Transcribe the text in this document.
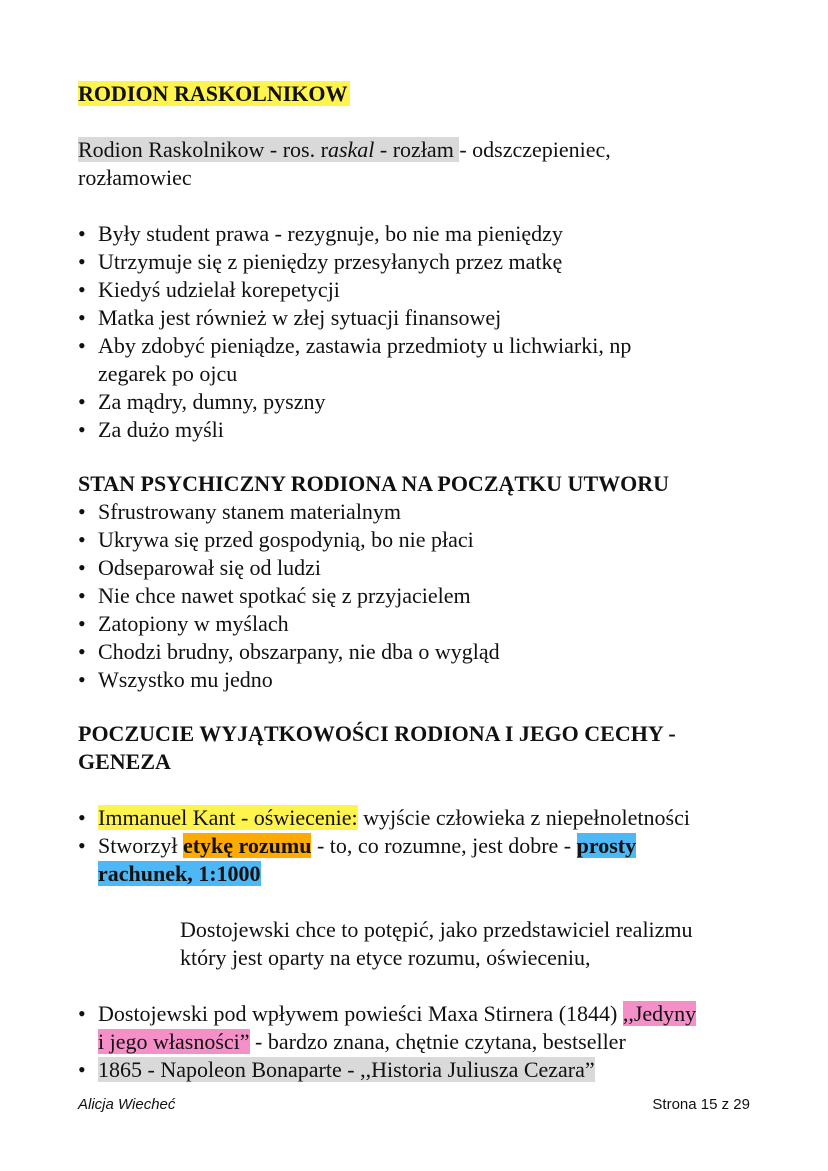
RODION RASKOLNIKOW
Rodion Raskolnikow - ros. raskal - rozłam - odszczepieniec,
rozłamowiec
• Były student prawa - rezygnuje, bo nie ma pieniędzy
• Utrzymuje się z pieniędzy przesyłanych przez matkę
• Kiedyś udzielał korepetycji
• Matka jest również w złej sytuacji finansowej
• Aby zdobyć pieniądze, zastawia przedmioty u lichwiarki, np
zegarek po ojcu
• Za mądry, dumny, pyszny
• Za dużo myśli
STAN PSYCHICZNY RODIONA NA POCZĄTKU UTWORU
• Sfrustrowany stanem materialnym
• Ukrywa się przed gospodynią, bo nie płaci
• Odseparował się od ludzi
• Nie chce nawet spotkać się z przyjacielem
• Zatopiony w myślach
• Chodzi brudny, obszarpany, nie dba o wygląd
• Wszystko mu jedno
POCZUCIE WYJĄTKOWOŚCI RODIONA I JEGO CECHY -
GENEZA
• Immanuel Kant - oświecenie: wyjście człowieka z niepełnoletności
• Stworzył etykę rozumu - to, co rozumne, jest dobre - prosty
rachunek, 1:1000
Dostojewski chce to potępić, jako przedstawiciel realizmu
który jest oparty na etyce rozumu, oświeceniu,
• Dostojewski pod wpływem powieści Maxa Stirnera (1844) ,,Jedyny
i jego własności” - bardzo znana, chętnie czytana, bestseller
• 1865 - Napoleon Bonaparte - ,,Historia Juliusza Cezara”
Alicja Wiecheć	Strona 15 z 29
